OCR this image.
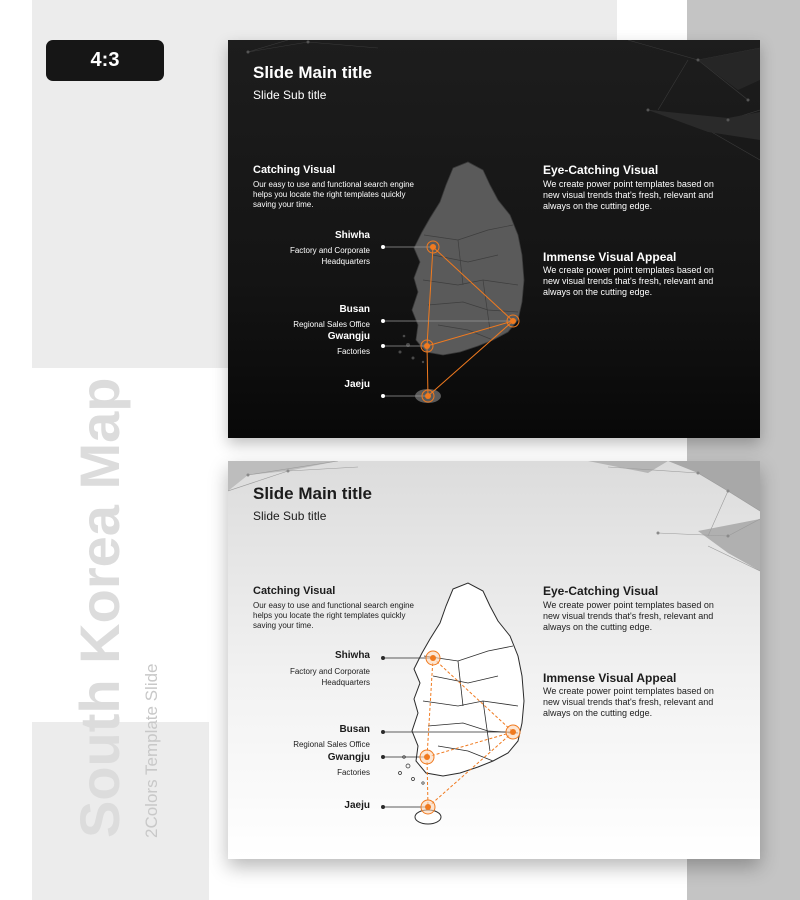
4:3
South Korea Map 2Colors Template Slide
Slide Main title
Slide Sub title
Catching Visual
Our easy to use and functional search engine
helps you locate the right templates quickly
saving your time.
Eye-Catching Visual
We create power point templates based on
new visual trends that's fresh, relevant and
always on the cutting edge.
Immense Visual Appeal
We create power point templates based on
new visual trends that's fresh, relevant and
always on the cutting edge.
Shiwha
Factory and Corporate
Headquarters
Busan
Regional Sales Office
Gwangju
Factories
Jaeju
Slide Main title
Slide Sub title
Catching Visual
Our easy to use and functional search engine
helps you locate the right templates quickly
saving your time.
Eye-Catching Visual
We create power point templates based on
new visual trends that's fresh, relevant and
always on the cutting edge.
Immense Visual Appeal
We create power point templates based on
new visual trends that's fresh, relevant and
always on the cutting edge.
Shiwha
Factory and Corporate
Headquarters
Busan
Regional Sales Office
Gwangju
Factories
Jaeju
